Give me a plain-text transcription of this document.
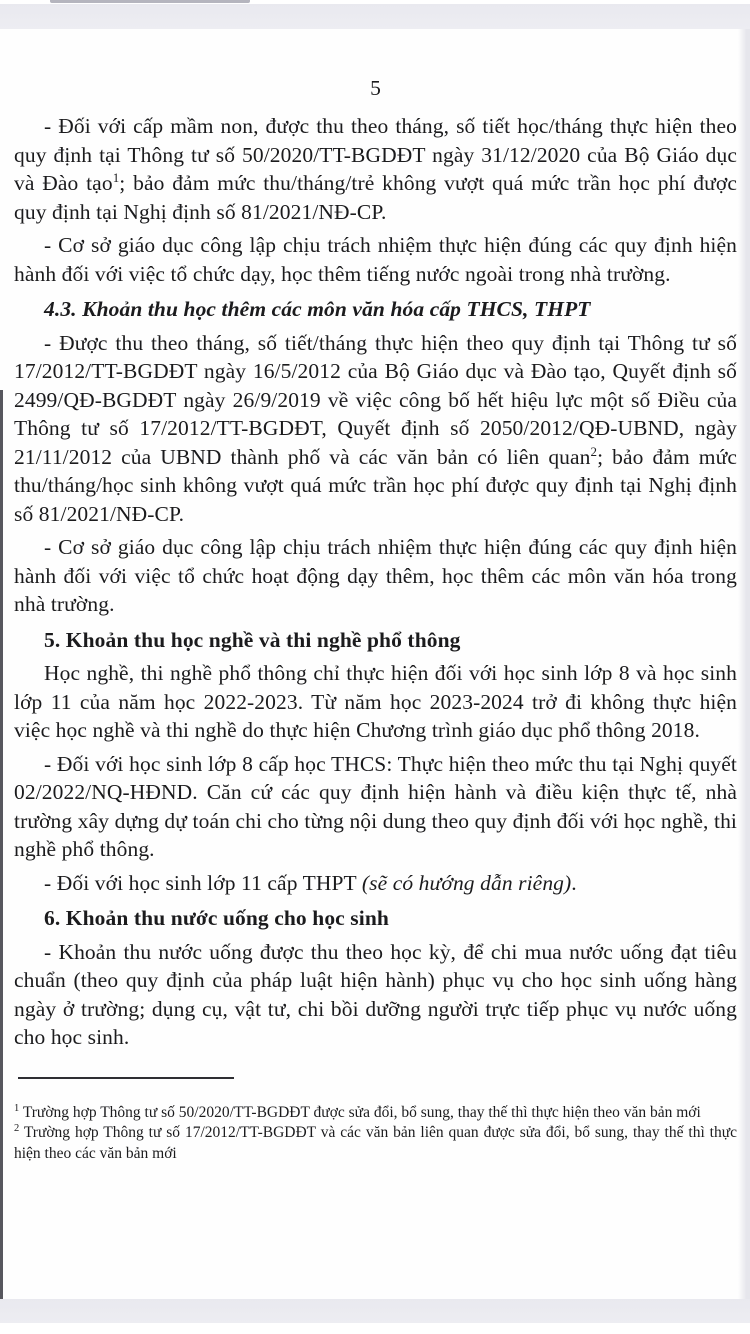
5

- Đối với cấp mầm non, được thu theo tháng, số tiết học/tháng thực hiện theo quy định tại Thông tư số 50/2020/TT-BGDĐT ngày 31/12/2020 của Bộ Giáo dục và Đào tạo$^1$; bảo đảm mức thu/tháng/trẻ không vượt quá mức trần học phí được quy định tại Nghị định số 81/2021/NĐ-CP.

- Cơ sở giáo dục công lập chịu trách nhiệm thực hiện đúng các quy định hiện hành đối với việc tổ chức dạy, học thêm tiếng nước ngoài trong nhà trường.

4.3. Khoản thu học thêm các môn văn hóa cấp THCS, THPT

- Được thu theo tháng, số tiết/tháng thực hiện theo quy định tại Thông tư số 17/2012/TT-BGDĐT ngày 16/5/2012 của Bộ Giáo dục và Đào tạo, Quyết định số 2499/QĐ-BGDĐT ngày 26/9/2019 về việc công bố hết hiệu lực một số Điều của Thông tư số 17/2012/TT-BGDĐT, Quyết định số 2050/2012/QĐ-UBND, ngày 21/11/2012 của UBND thành phố và các văn bản có liên quan$^2$; bảo đảm mức thu/tháng/học sinh không vượt quá mức trần học phí được quy định tại Nghị định số 81/2021/NĐ-CP.

- Cơ sở giáo dục công lập chịu trách nhiệm thực hiện đúng các quy định hiện hành đối với việc tổ chức hoạt động dạy thêm, học thêm các môn văn hóa trong nhà trường.

5. Khoản thu học nghề và thi nghề phổ thông

Học nghề, thi nghề phổ thông chỉ thực hiện đối với học sinh lớp 8 và học sinh lớp 11 của năm học 2022-2023. Từ năm học 2023-2024 trở đi không thực hiện việc học nghề và thi nghề do thực hiện Chương trình giáo dục phổ thông 2018.

- Đối với học sinh lớp 8 cấp học THCS: Thực hiện theo mức thu tại Nghị quyết 02/2022/NQ-HĐND. Căn cứ các quy định hiện hành và điều kiện thực tế, nhà trường xây dựng dự toán chi cho từng nội dung theo quy định đối với học nghề, thi nghề phổ thông.

- Đối với học sinh lớp 11 cấp THPT (sẽ có hướng dẫn riêng).

6. Khoản thu nước uống cho học sinh

- Khoản thu nước uống được thu theo học kỳ, để chi mua nước uống đạt tiêu chuẩn (theo quy định của pháp luật hiện hành) phục vụ cho học sinh uống hàng ngày ở trường; dụng cụ, vật tư, chi bồi dưỡng người trực tiếp phục vụ nước uống cho học sinh.

$^1$ Trường hợp Thông tư số 50/2020/TT-BGDĐT được sửa đổi, bổ sung, thay thế thì thực hiện theo văn bản mới

$^2$ Trường hợp Thông tư số 17/2012/TT-BGDĐT và các văn bản liên quan được sửa đổi, bổ sung, thay thế thì thực hiện theo các văn bản mới
